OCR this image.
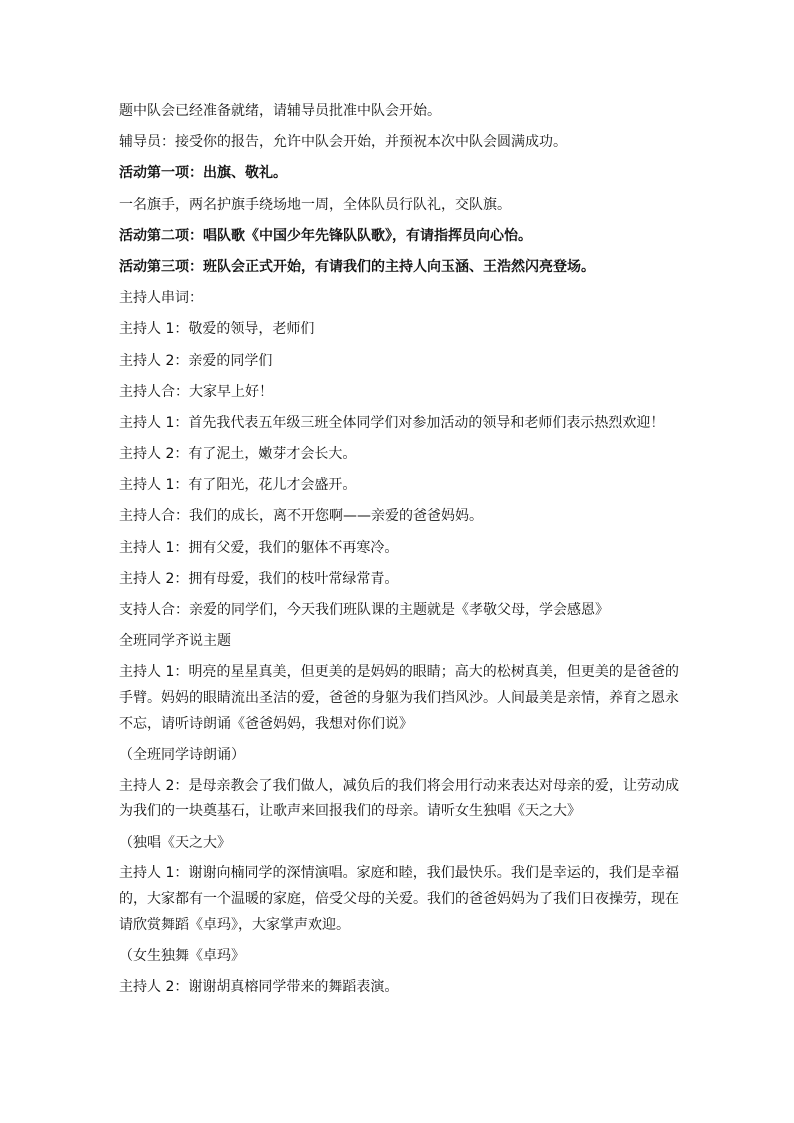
题中队会已经准备就绪，请辅导员批准中队会开始。

辅导员：接受你的报告，允许中队会开始，并预祝本次中队会圆满成功。

活动第一项：出旗、敬礼。

一名旗手，两名护旗手绕场地一周，全体队员行队礼，交队旗。

活动第二项：唱队歌《中国少年先锋队队歌》，有请指挥员向心怡。

活动第三项：班队会正式开始，有请我们的主持人向玉涵、王浩然闪亮登场。

主持人串词：

主持人 1：敬爱的领导，老师们

主持人 2：亲爱的同学们

主持人合：大家早上好！

主持人 1：首先我代表五年级三班全体同学们对参加活动的领导和老师们表示热烈欢迎！

主持人 2：有了泥土，嫩芽才会长大。

主持人 1：有了阳光，花儿才会盛开。

主持人合：我们的成长，离不开您啊——亲爱的爸爸妈妈。

主持人 1：拥有父爱，我们的躯体不再寒冷。

主持人 2：拥有母爱，我们的枝叶常绿常青。

支持人合：亲爱的同学们，今天我们班队课的主题就是《孝敬父母，学会感恩》

全班同学齐说主题

主持人 1：明亮的星星真美，但更美的是妈妈的眼睛；高大的松树真美，但更美的是爸爸的手臂。妈妈的眼睛流出圣洁的爱，爸爸的身躯为我们挡风沙。人间最美是亲情，养育之恩永不忘，请听诗朗诵《爸爸妈妈，我想对你们说》

（全班同学诗朗诵）

主持人 2：是母亲教会了我们做人，减负后的我们将会用行动来表达对母亲的爱，让劳动成为我们的一块奠基石，让歌声来回报我们的母亲。请听女生独唱《天之大》

（独唱《天之大》

主持人 1：谢谢向楠同学的深情演唱。家庭和睦，我们最快乐。我们是幸运的，我们是幸福的，大家都有一个温暖的家庭，倍受父母的关爱。我们的爸爸妈妈为了我们日夜操劳，现在请欣赏舞蹈《卓玛》，大家掌声欢迎。

（女生独舞《卓玛》

主持人 2：谢谢胡真榕同学带来的舞蹈表演。
